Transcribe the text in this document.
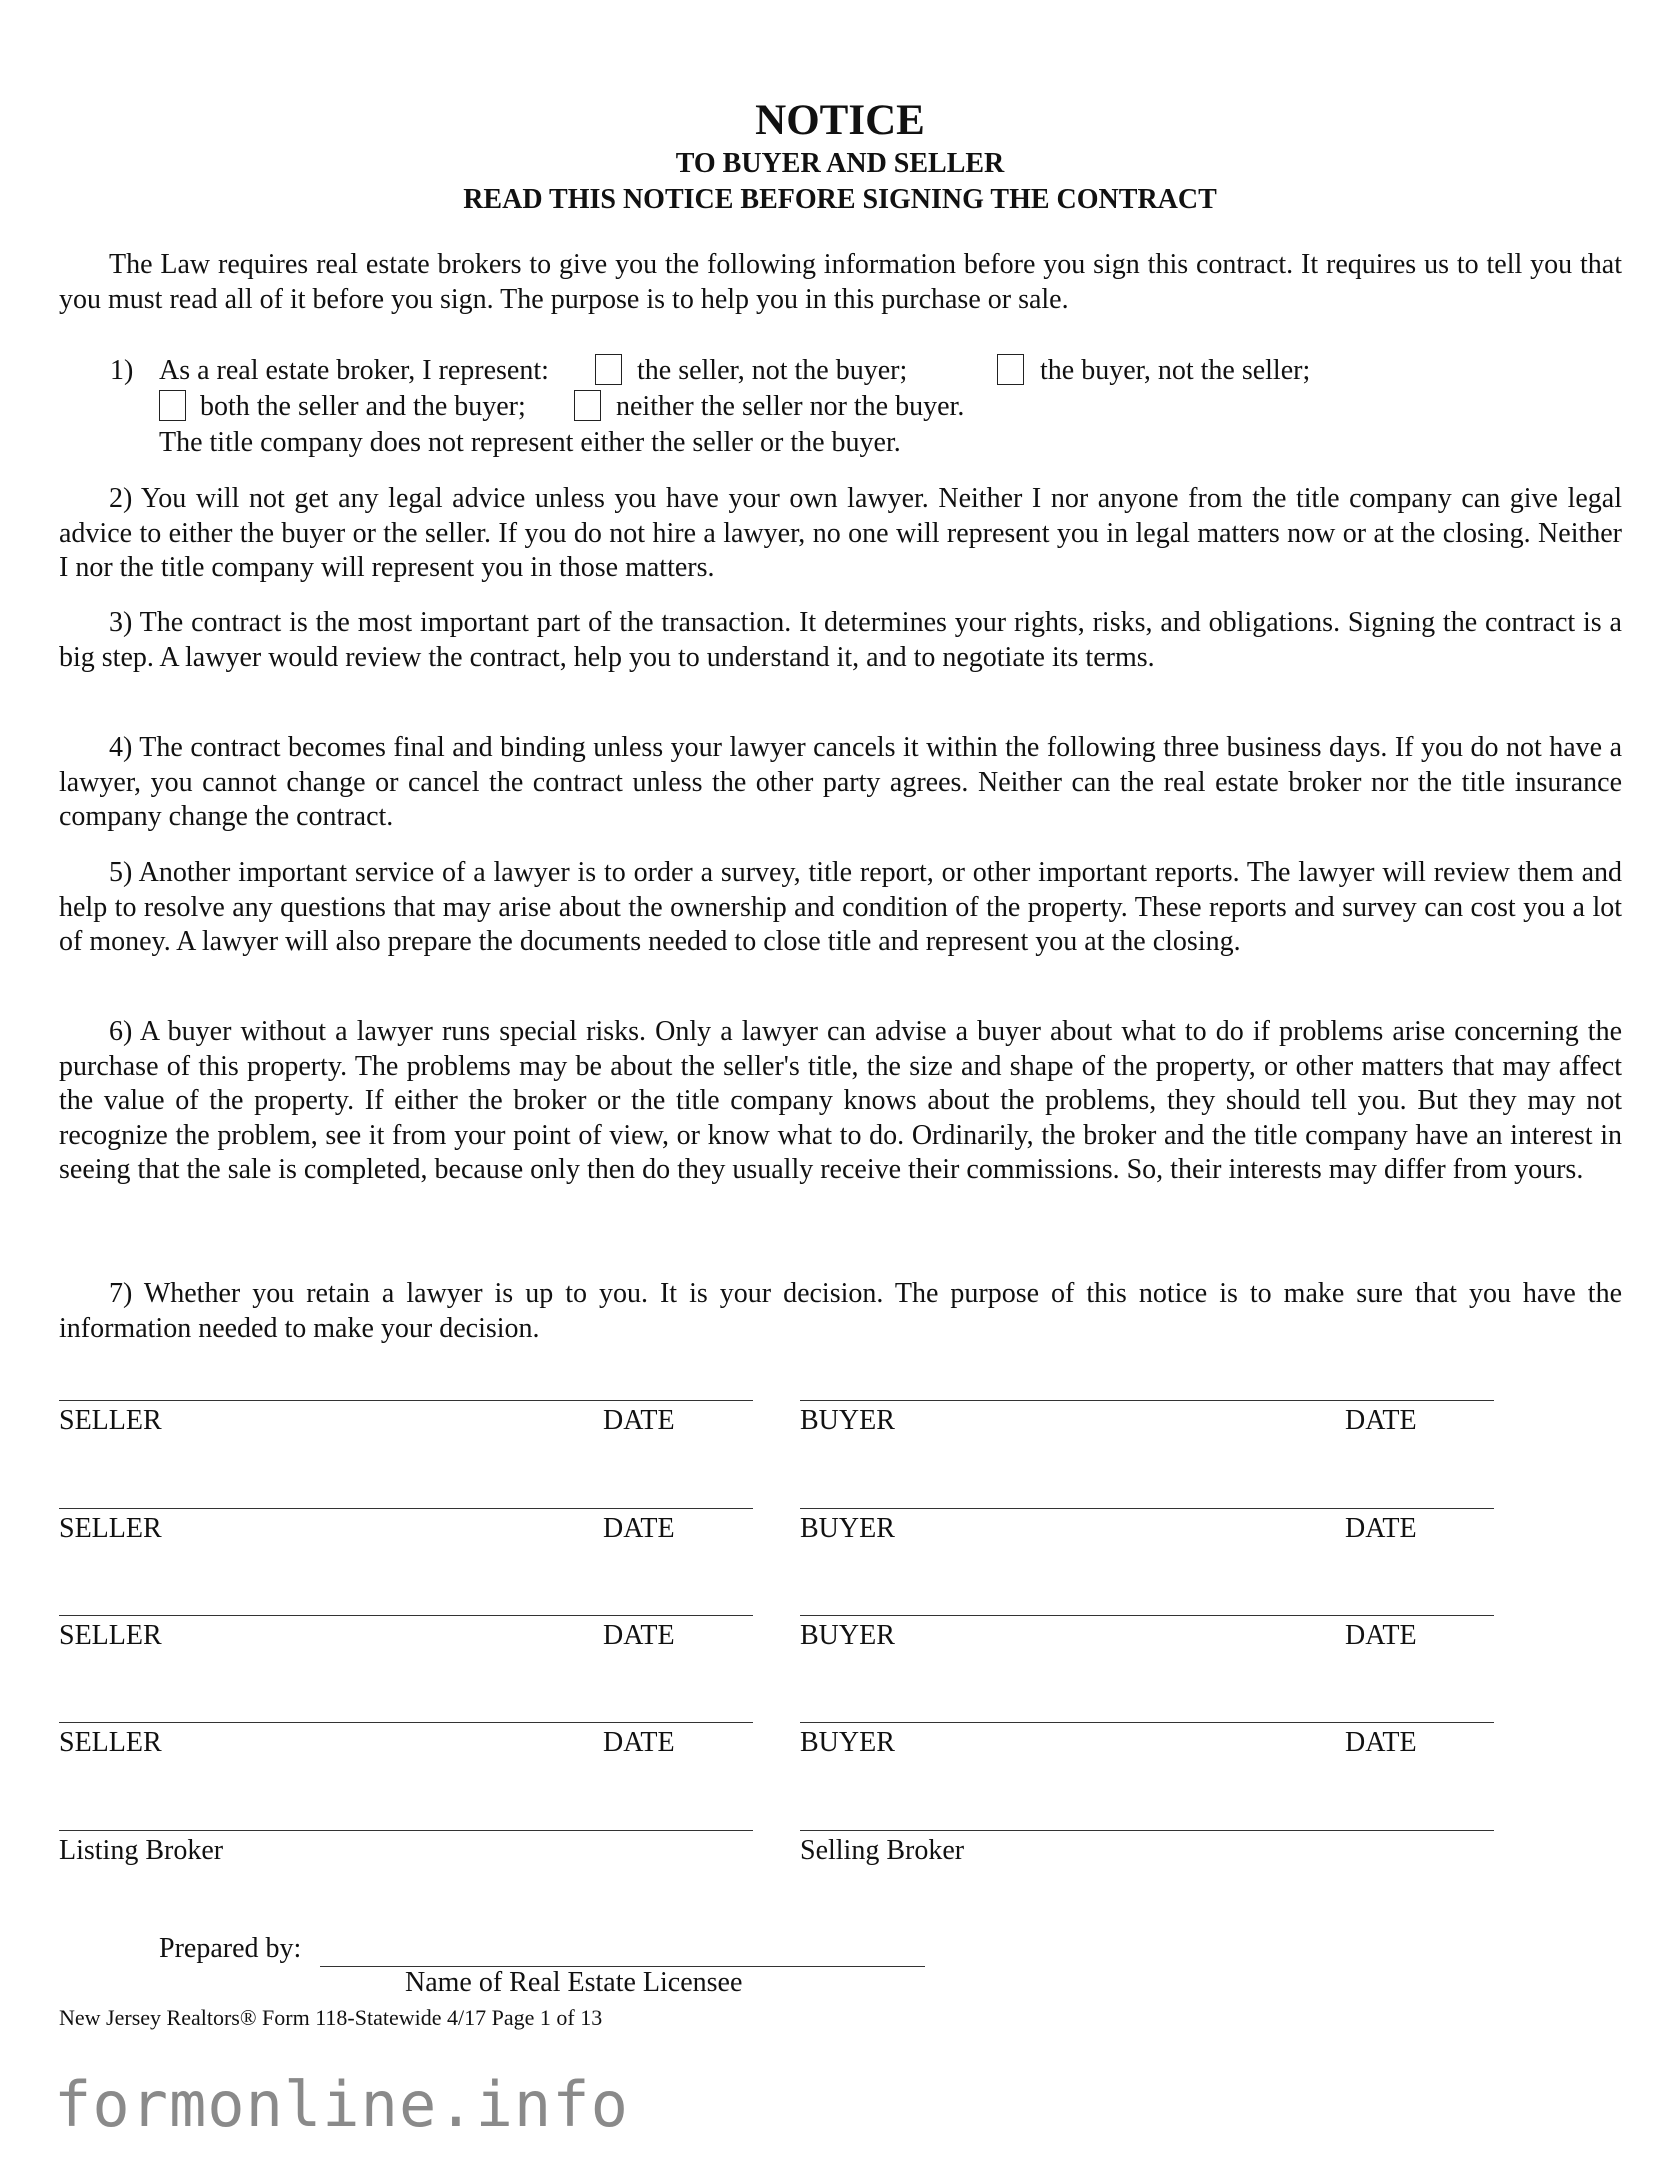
NOTICE
TO BUYER AND SELLER
READ THIS NOTICE BEFORE SIGNING THE CONTRACT

The Law requires real estate brokers to give you the following information before you sign this contract. It requires us to tell you that you must read all of it before you sign. The purpose is to help you in this purchase or sale.

1) As a real estate broker, I represent:	the seller, not the buyer;	the buyer, not the seller;
both the seller and the buyer;	neither the seller nor the buyer.
The title company does not represent either the seller or the buyer.

2) You will not get any legal advice unless you have your own lawyer. Neither I nor anyone from the title company can give legal advice to either the buyer or the seller. If you do not hire a lawyer, no one will represent you in legal matters now or at the closing. Neither I nor the title company will represent you in those matters.

3) The contract is the most important part of the transaction. It determines your rights, risks, and obligations. Signing the contract is a big step. A lawyer would review the contract, help you to understand it, and to negotiate its terms.

4) The contract becomes final and binding unless your lawyer cancels it within the following three business days. If you do not have a lawyer, you cannot change or cancel the contract unless the other party agrees. Neither can the real estate broker nor the title insurance company change the contract.

5) Another important service of a lawyer is to order a survey, title report, or other important reports. The lawyer will review them and help to resolve any questions that may arise about the ownership and condition of the property. These reports and survey can cost you a lot of money. A lawyer will also prepare the documents needed to close title and represent you at the closing.

6) A buyer without a lawyer runs special risks. Only a lawyer can advise a buyer about what to do if problems arise concerning the purchase of this property. The problems may be about the seller's title, the size and shape of the property, or other matters that may affect the value of the property. If either the broker or the title company knows about the problems, they should tell you. But they may not recognize the problem, see it from your point of view, or know what to do. Ordinarily, the broker and the title company have an interest in seeing that the sale is completed, because only then do they usually receive their commissions. So, their interests may differ from yours.

7) Whether you retain a lawyer is up to you. It is your decision. The purpose of this notice is to make sure that you have the information needed to make your decision.

SELLER	DATE	BUYER	DATE
SELLER	DATE	BUYER	DATE
SELLER	DATE	BUYER	DATE
SELLER	DATE	BUYER	DATE
Listing Broker	Selling Broker
Prepared by:
Name of Real Estate Licensee
New Jersey Realtors® Form 118-Statewide 4/17 Page 1 of 13
formonline.info
